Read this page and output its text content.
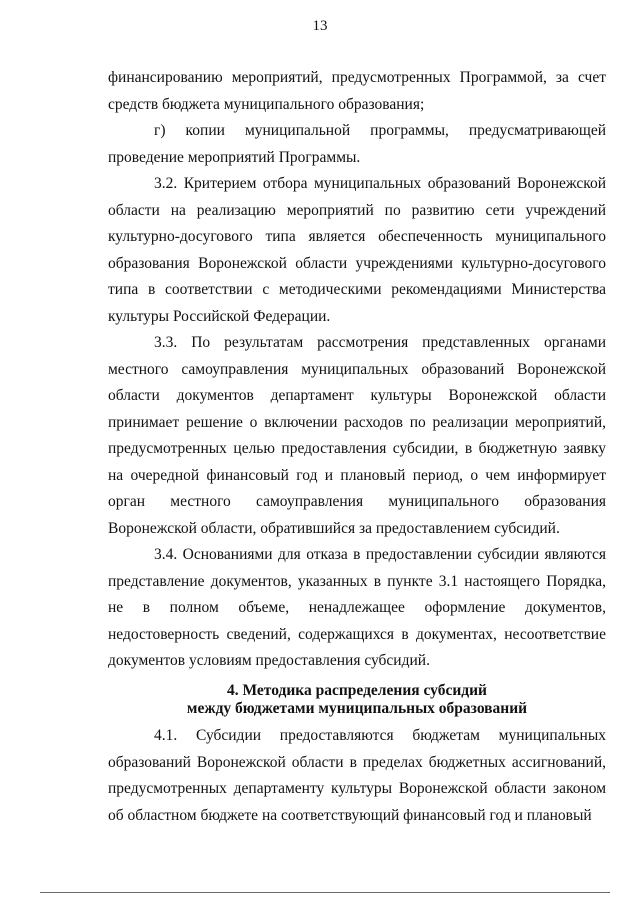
13

финансированию мероприятий, предусмотренных Программой, за счет средств бюджета муниципального образования;

г) копии муниципальной программы, предусматривающей проведение мероприятий Программы.

3.2. Критерием отбора муниципальных образований Воронежской области на реализацию мероприятий по развитию сети учреждений культурно-досугового типа является обеспеченность муниципального образования Воронежской области учреждениями культурно-досугового типа в соответствии с методическими рекомендациями Министерства культуры Российской Федерации.

3.3. По результатам рассмотрения представленных органами местного самоуправления муниципальных образований Воронежской области документов департамент культуры Воронежской области принимает решение о включении расходов по реализации мероприятий, предусмотренных целью предоставления субсидии, в бюджетную заявку на очередной финансовый год и плановый период, о чем информирует орган местного самоуправления муниципального образования Воронежской области, обратившийся за предоставлением субсидий.

3.4. Основаниями для отказа в предоставлении субсидии являются представление документов, указанных в пункте 3.1 настоящего Порядка, не в полном объеме, ненадлежащее оформление документов, недостоверность сведений, содержащихся в документах, несоответствие документов условиям предоставления субсидий.

4. Методика распределения субсидий
между бюджетами муниципальных образований

4.1. Субсидии предоставляются бюджетам муниципальных образований Воронежской области в пределах бюджетных ассигнований, предусмотренных департаменту культуры Воронежской области законом об областном бюджете на соответствующий финансовый год и плановый
